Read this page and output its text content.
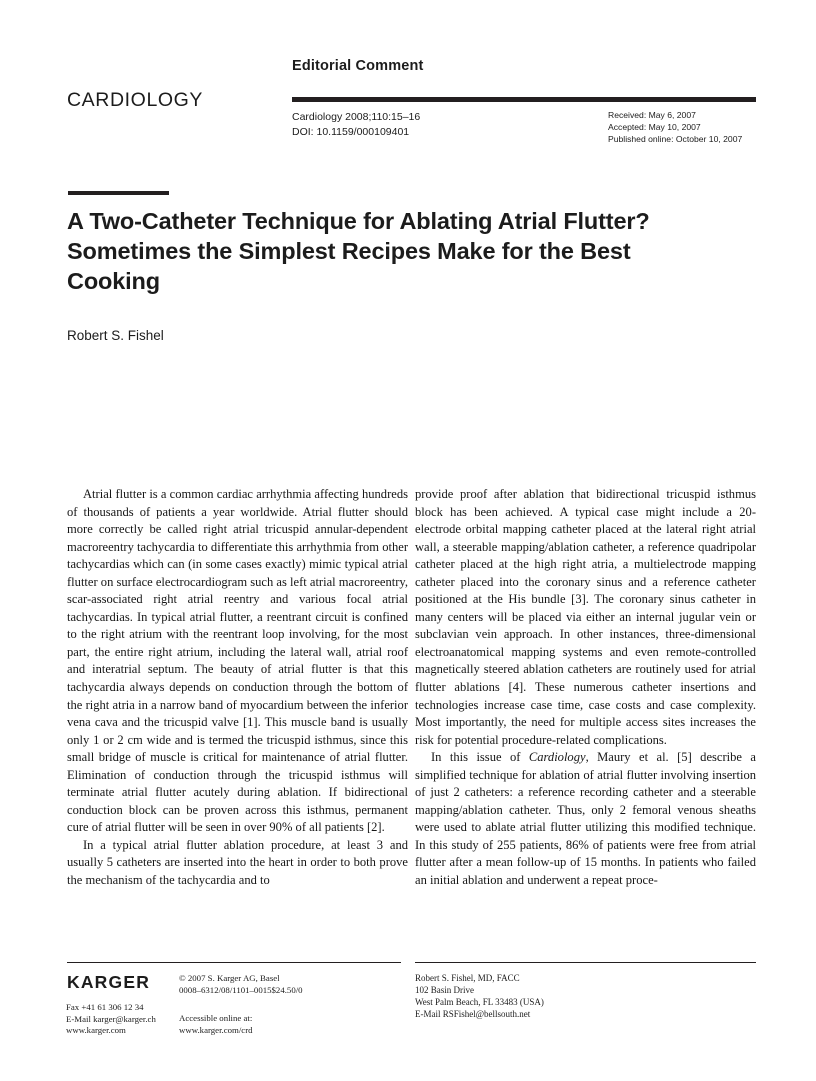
CARDIOLOGY
Editorial Comment
Cardiology 2008;110:15–16
DOI: 10.1159/000109401
Received: May 6, 2007
Accepted: May 10, 2007
Published online: October 10, 2007
A Two-Catheter Technique for Ablating Atrial Flutter? Sometimes the Simplest Recipes Make for the Best Cooking
Robert S. Fishel

Atrial flutter is a common cardiac arrhythmia affecting hundreds of thousands of patients a year worldwide. Atrial flutter should more correctly be called right atrial tricuspid annular-dependent macroreentry tachycardia to differentiate this arrhythmia from other tachycardias which can (in some cases exactly) mimic typical atrial flutter on surface electrocardiogram such as left atrial macroreentry, scar-associated right atrial reentry and various focal atrial tachycardias. In typical atrial flutter, a reentrant circuit is confined to the right atrium with the reentrant loop involving, for the most part, the entire right atrium, including the lateral wall, atrial roof and interatrial septum. The beauty of atrial flutter is that this tachycardia always depends on conduction through the bottom of the right atria in a narrow band of myocardium between the inferior vena cava and the tricuspid valve [1]. This muscle band is usually only 1 or 2 cm wide and is termed the tricuspid isthmus, since this small bridge of muscle is critical for maintenance of atrial flutter. Elimination of conduction through the tricuspid isthmus will terminate atrial flutter acutely during ablation. If bidirectional conduction block can be proven across this isthmus, permanent cure of atrial flutter will be seen in over 90% of all patients [2].

In a typical atrial flutter ablation procedure, at least 3 and usually 5 catheters are inserted into the heart in order to both prove the mechanism of the tachycardia and to

provide proof after ablation that bidirectional tricuspid isthmus block has been achieved. A typical case might include a 20-electrode orbital mapping catheter placed at the lateral right atrial wall, a steerable mapping/ablation catheter, a reference quadripolar catheter placed at the high right atria, a multielectrode mapping catheter placed into the coronary sinus and a reference catheter positioned at the His bundle [3]. The coronary sinus catheter in many centers will be placed via either an internal jugular vein or subclavian vein approach. In other instances, three-dimensional electroanatomical mapping systems and even remote-controlled magnetically steered ablation catheters are routinely used for atrial flutter ablations [4]. These numerous catheter insertions and technologies increase case time, case costs and case complexity. Most importantly, the need for multiple access sites increases the risk for potential procedure-related complications.

In this issue of Cardiology, Maury et al. [5] describe a simplified technique for ablation of atrial flutter involving insertion of just 2 catheters: a reference recording catheter and a steerable mapping/ablation catheter. Thus, only 2 femoral venous sheaths were used to ablate atrial flutter utilizing this modified technique. In this study of 255 patients, 86% of patients were free from atrial flutter after a mean follow-up of 15 months. In patients who failed an initial ablation and underwent a repeat proce-

KARGER
Fax +41 61 306 12 34
E-Mail karger@karger.ch
www.karger.com
© 2007 S. Karger AG, Basel
0008–6312/08/1101–0015$24.50/0
Accessible online at:
www.karger.com/crd
Robert S. Fishel, MD, FACC
102 Basin Drive
West Palm Beach, FL 33483 (USA)
E-Mail RSFishel@bellsouth.net
